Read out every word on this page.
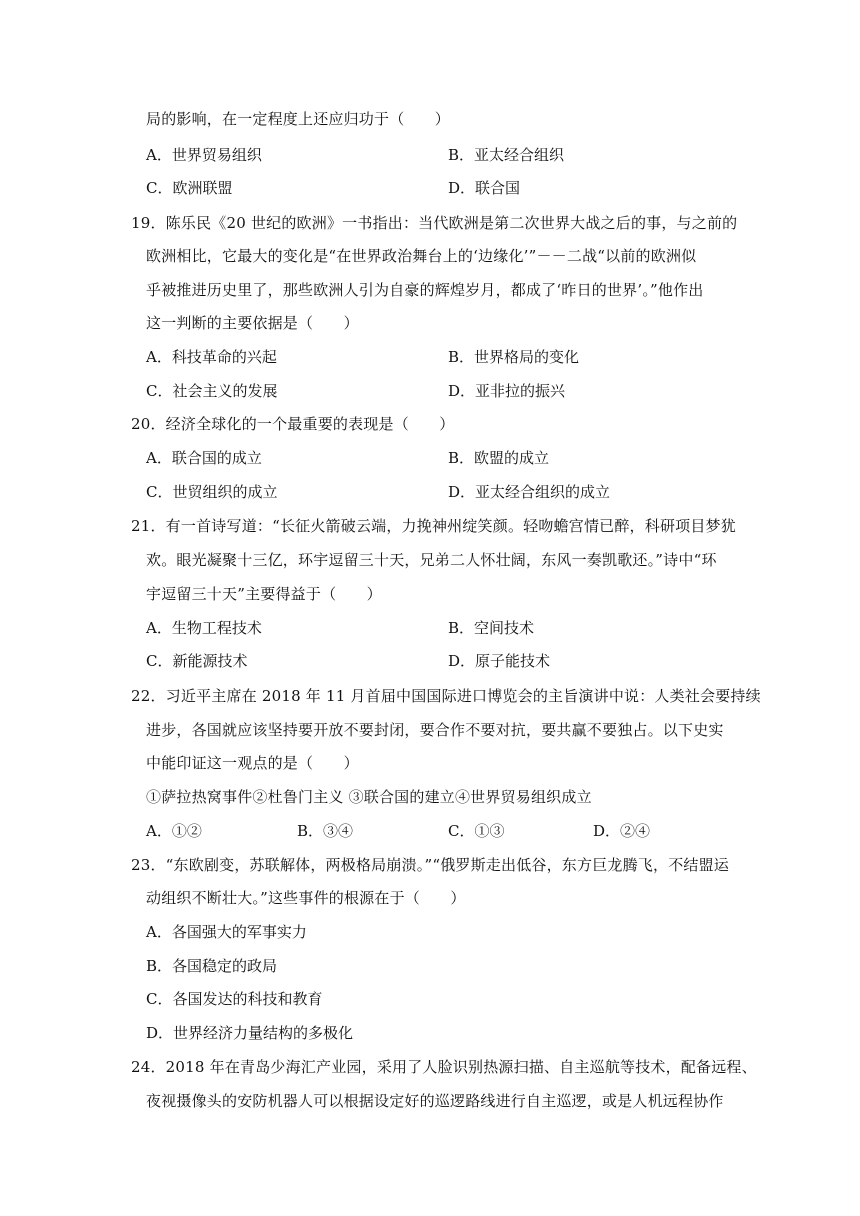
局的影响，在一定程度上还应归功于（　　）
A．世界贸易组织	B．亚太经合组织
C．欧洲联盟	D．联合国
19．陈乐民《20 世纪的欧洲》一书指出：当代欧洲是第二次世界大战之后的事，与之前的
欧洲相比，它最大的变化是“在世界政治舞台上的‘边缘化’”－－二战“以前的欧洲似
乎被推进历史里了，那些欧洲人引为自豪的辉煌岁月，都成了‘昨日的世界’。”他作出
这一判断的主要依据是（　　）
A．科技革命的兴起	B．世界格局的变化
C．社会主义的发展	D．亚非拉的振兴
20．经济全球化的一个最重要的表现是（　　）
A．联合国的成立	B．欧盟的成立
C．世贸组织的成立	D．亚太经合组织的成立
21．有一首诗写道：“长征火箭破云端，力挽神州绽笑颜。轻吻蟾宫情已醉，科研项目梦犹
欢。眼光凝聚十三亿，环宇逗留三十天，兄弟二人怀壮阔，东风一奏凯歌还。”诗中“环
宇逗留三十天”主要得益于（　　）
A．生物工程技术	B．空间技术
C．新能源技术	D．原子能技术
22．习近平主席在 2018 年 11 月首届中国国际进口博览会的主旨演讲中说：人类社会要持续
进步，各国就应该坚持要开放不要封闭，要合作不要对抗，要共赢不要独占。以下史实
中能印证这一观点的是（　　）
①萨拉热窝事件②杜鲁门主义 ③联合国的建立④世界贸易组织成立
A．①②	B．③④	C．①③	D．②④
23．“东欧剧变，苏联解体，两极格局崩溃。”“俄罗斯走出低谷，东方巨龙腾飞，不结盟运
动组织不断壮大。”这些事件的根源在于（　　）
A．各国强大的军事实力
B．各国稳定的政局
C．各国发达的科技和教育
D．世界经济力量结构的多极化
24．2018 年在青岛少海汇产业园，采用了人脸识别热源扫描、自主巡航等技术，配备远程、
夜视摄像头的安防机器人可以根据设定好的巡逻路线进行自主巡逻，或是人机远程协作
